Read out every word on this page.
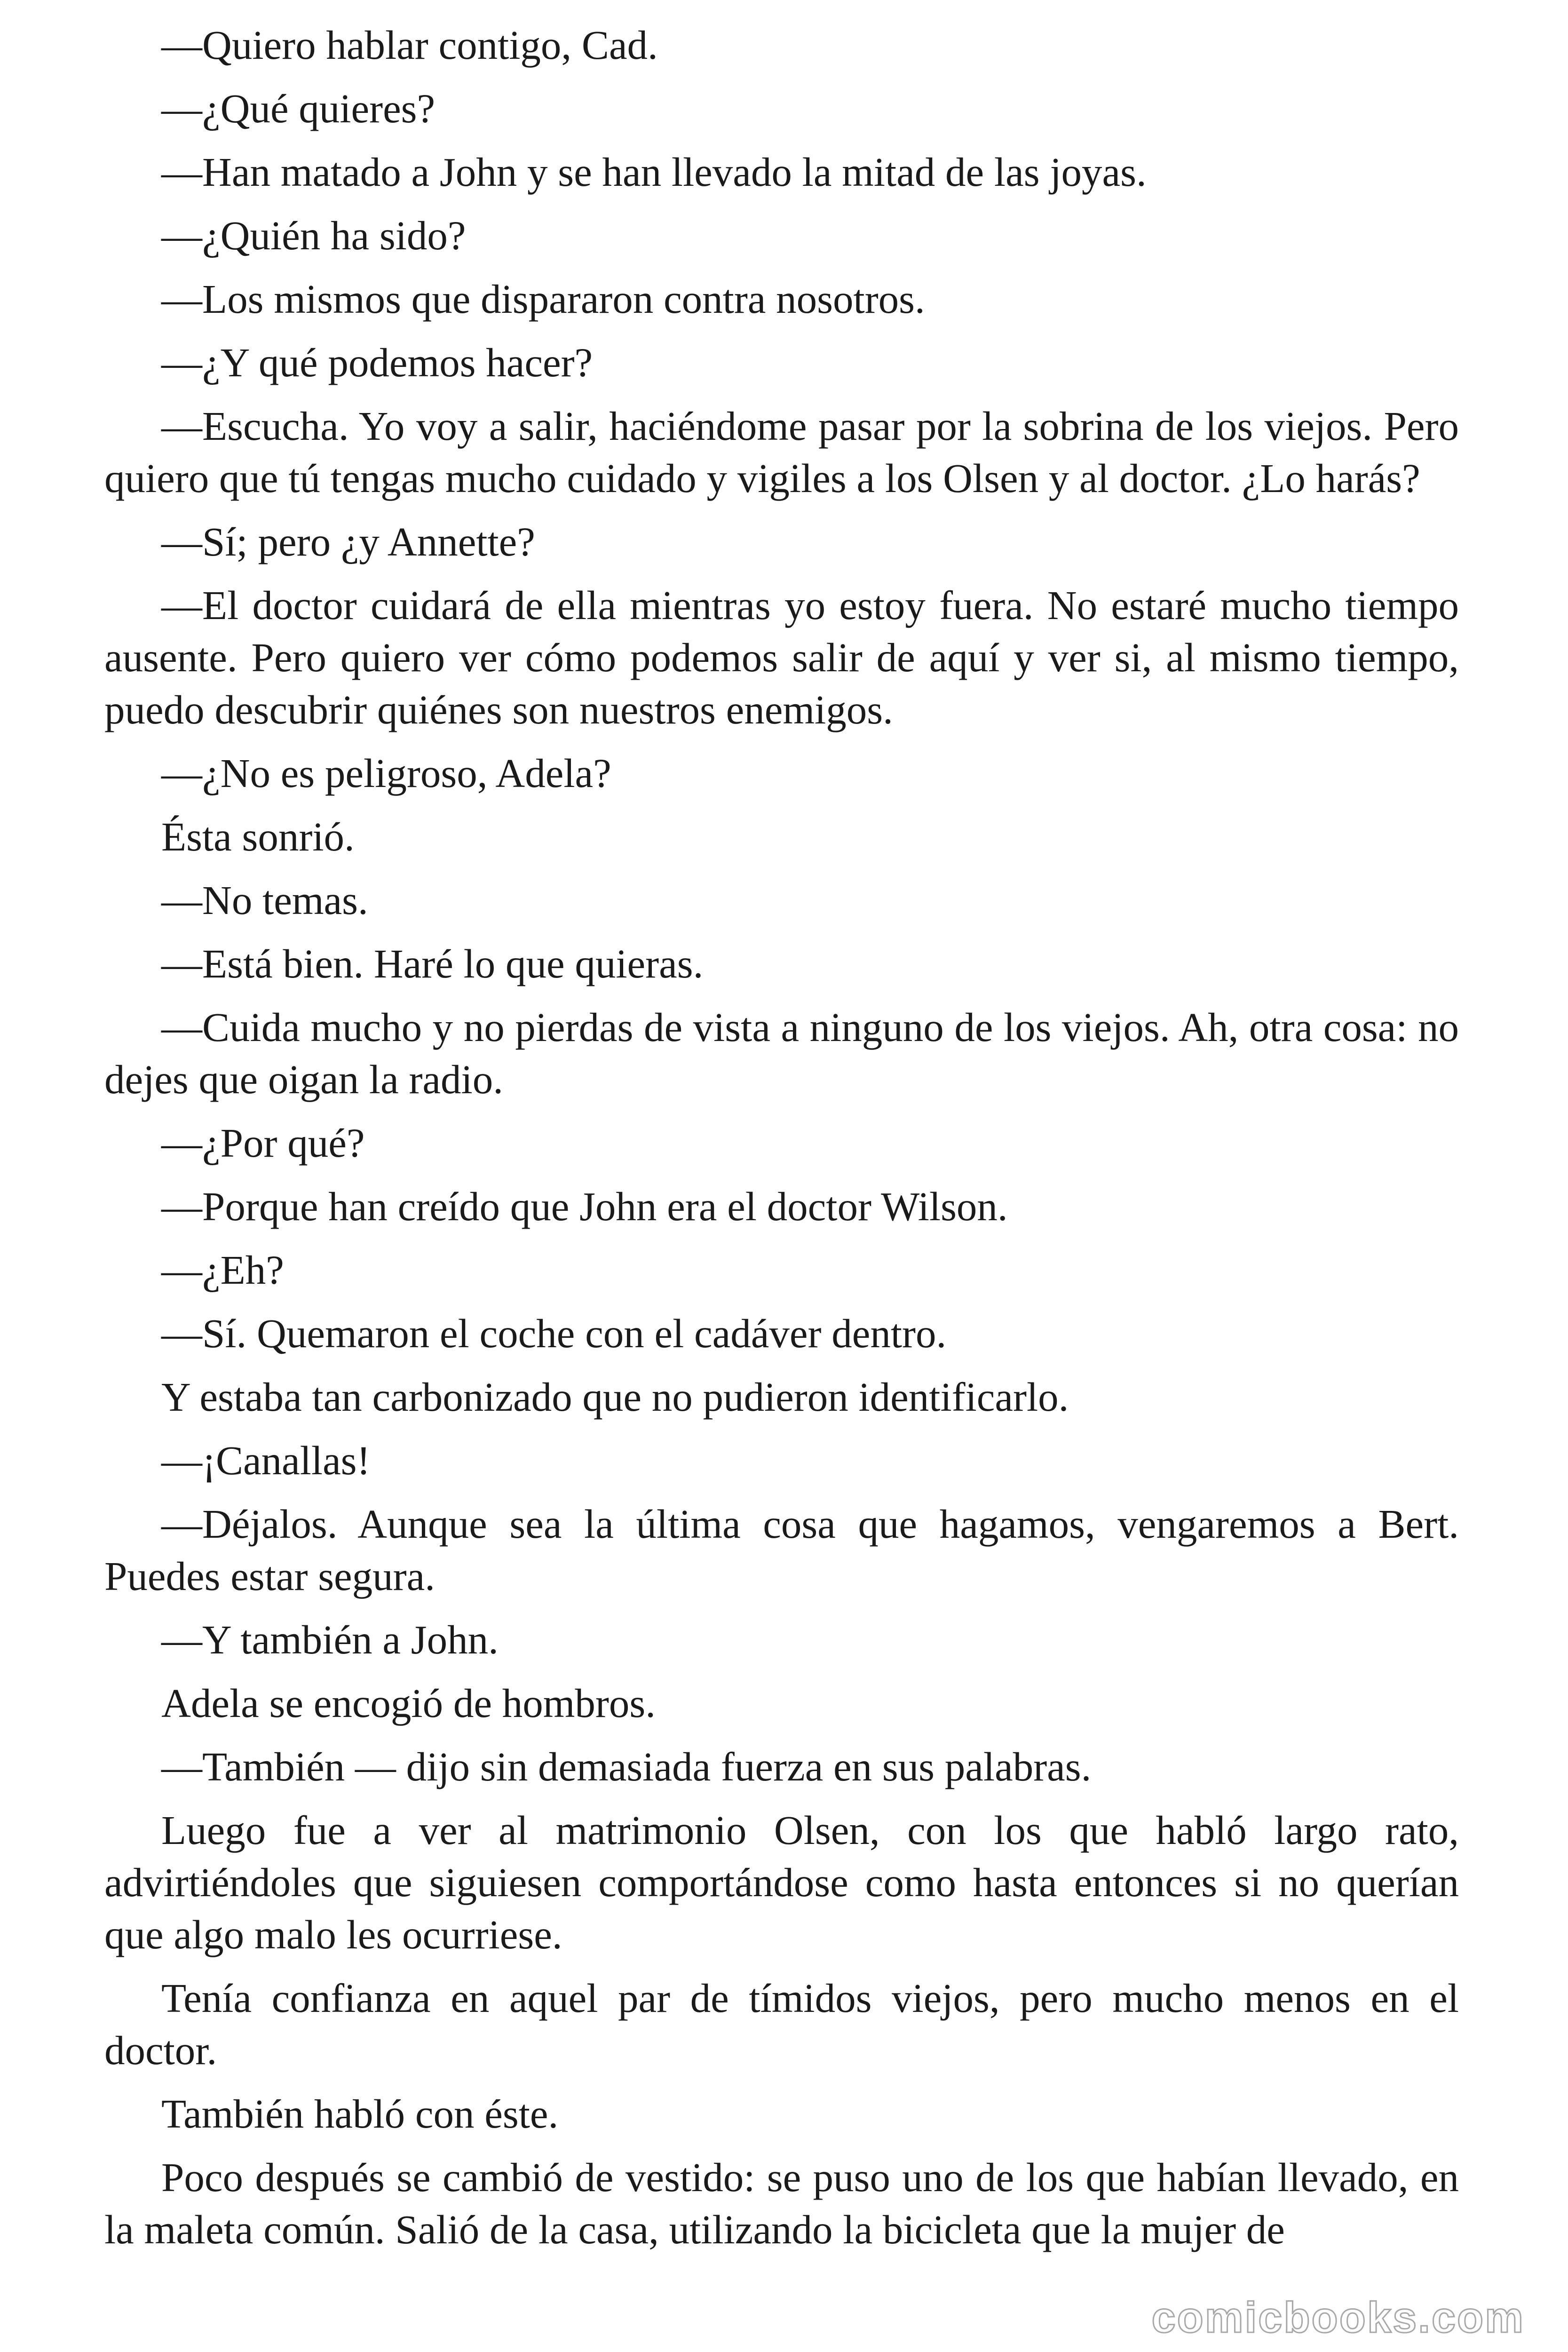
—Quiero hablar contigo, Cad.

—¿Qué quieres?

—Han matado a John y se han llevado la mitad de las joyas.

—¿Quién ha sido?

—Los mismos que dispararon contra nosotros.

—¿Y qué podemos hacer?

—Escucha. Yo voy a salir, haciéndome pasar por la sobrina de los viejos. Pero quiero que tú tengas mucho cuidado y vigiles a los Olsen y al doctor. ¿Lo harás?

—Sí; pero ¿y Annette?

—El doctor cuidará de ella mientras yo estoy fuera. No estaré mucho tiempo ausente. Pero quiero ver cómo podemos salir de aquí y ver si, al mismo tiempo, puedo descubrir quiénes son nuestros enemigos.

—¿No es peligroso, Adela?

Ésta sonrió.

—No temas.

—Está bien. Haré lo que quieras.

—Cuida mucho y no pierdas de vista a ninguno de los viejos. Ah, otra cosa: no dejes que oigan la radio.

—¿Por qué?

—Porque han creído que John era el doctor Wilson.

—¿Eh?

—Sí. Quemaron el coche con el cadáver dentro.

Y estaba tan carbonizado que no pudieron identificarlo.

—¡Canallas!

—Déjalos. Aunque sea la última cosa que hagamos, vengaremos a Bert. Puedes estar segura.

—Y también a John.

Adela se encogió de hombros.

—También — dijo sin demasiada fuerza en sus palabras.

Luego fue a ver al matrimonio Olsen, con los que habló largo rato, advirtiéndoles que siguiesen comportándose como hasta entonces si no querían que algo malo les ocurriese.

Tenía confianza en aquel par de tímidos viejos, pero mucho menos en el doctor.

También habló con éste.

Poco después se cambió de vestido: se puso uno de los que habían llevado, en la maleta común. Salió de la casa, utilizando la bicicleta que la mujer de

comicbooks.com
